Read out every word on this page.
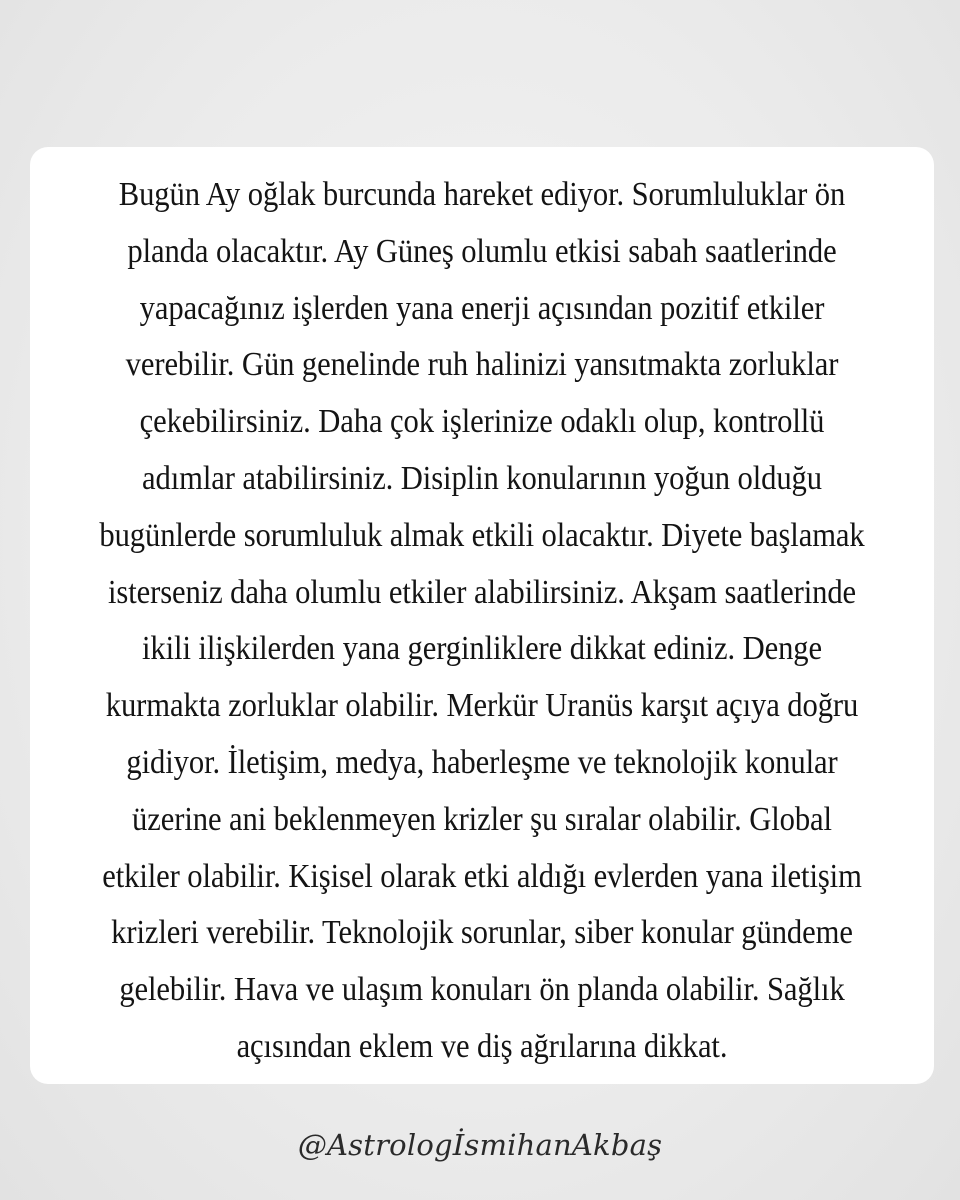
Bugün Ay oğlak burcunda hareket ediyor. Sorumluluklar ön
planda olacaktır. Ay Güneş olumlu etkisi sabah saatlerinde
yapacağınız işlerden yana enerji açısından pozitif etkiler
verebilir. Gün genelinde ruh halinizi yansıtmakta zorluklar
çekebilirsiniz. Daha çok işlerinize odaklı olup, kontrollü
adımlar atabilirsiniz. Disiplin konularının yoğun olduğu
bugünlerde sorumluluk almak etkili olacaktır. Diyete başlamak
isterseniz daha olumlu etkiler alabilirsiniz. Akşam saatlerinde
ikili ilişkilerden yana gerginliklere dikkat ediniz. Denge
kurmakta zorluklar olabilir. Merkür Uranüs karşıt açıya doğru
gidiyor. İletişim, medya, haberleşme ve teknolojik konular
üzerine ani beklenmeyen krizler şu sıralar olabilir. Global
etkiler olabilir. Kişisel olarak etki aldığı evlerden yana iletişim
krizleri verebilir. Teknolojik sorunlar, siber konular gündeme
gelebilir. Hava ve ulaşım konuları ön planda olabilir. Sağlık
açısından eklem ve diş ağrılarına dikkat.
@AstrologİsmihanAkbaş
